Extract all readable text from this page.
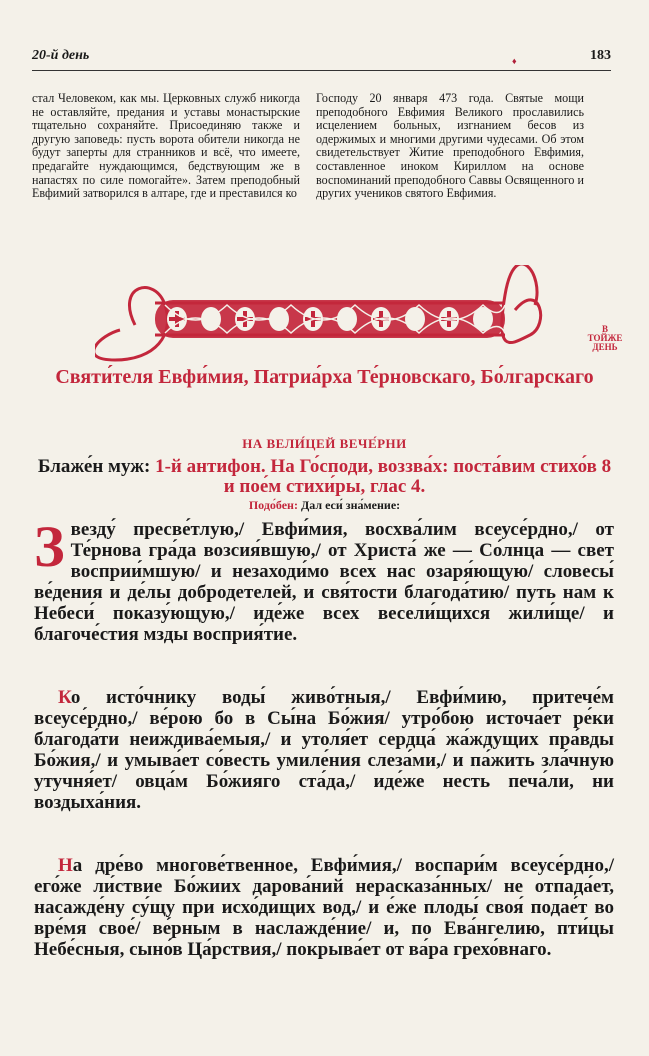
20-й день	♦	183

стал Человеком, как мы. Церковных служб никогда не оставляйте, предания и уставы монастырские тщательно сохраняйте. Присоединяю также и другую заповедь: пусть ворота обители никогда не будут заперты для странников и всё, что имеете, предагайте нуждающимся, бедствующим же в напастях по силе помогайте». Затем преподобный Евфимий затворился в алтаре, где и преставился ко

Господу 20 января 473 года. Святые мощи преподобного Евфимия Великого прославились исцелением больных, изгнанием бесов из одержимых и многими другими чудесами. Об этом свидетельствует Житие преподобного Евфимия, составленное иноком Кириллом на основе воспоминаний преподобного Саввы Освященного и других учеников святого Евфимия.

В
ТОЙЖЕ
ДЕНЬ
Святи́теля Евфи́мия, Патриа́рха Те́рновскаго, Бо́лгарскаго
НА ВЕЛИ́ЦЕЙ ВЕЧЕ́РНИ
Блаже́н муж: 1-й антифон. На Го́споди, воззва́х: поста́вим стихо́в 8 и пое́м стихи́ры, глас 4.
Подо́бен: Дал еси́ зна́мение:
З везду́ пресве́тлую,/ Евфи́мия, восхва́лим всеусе́рдно,/ от Те́рнова гра́да возсия́вшую,/ от Христа́ же — Со́лнца — свет восприи́мшую/ и незаходи́мо всех нас озаря́ющую/ словесы́ ве́дения и де́лы добродетелей, и свя́тости благода́тию/ путь нам к Небеси́ показу́ющую,/ иде́же всех весели́щихся жили́ще/ и благоче́стия мзды восприя́тие.

Ко исто́чнику воды́ живо́тныя,/ Евфи́мию, притече́м всеусе́рдно,/ ве́рою бо в Сы́на Бо́жия/ утро́бою источа́ет ре́ки благода́ти неиждива́емыя,/ и утоля́ет сердца́ жа́ждущих пра́вды Бо́жия,/ и умыва́ет со́весть умиле́ния слеза́ми,/ и па́жить зла́чную утучня́ет/ овца́м Бо́жияго ста́да,/ иде́же несть печа́ли, ни воздыха́ния.

На дре́во многове́твенное, Евфи́мия,/ воспари́м всеусе́рдно,/ его́же ли́ствие Бо́жиих дарова́ний нерасказа́нных/ не отпада́ет, насажде́ну су́щу при исхо́дищих вод,/ и е́же плоды́ своя́ подае́т во вре́мя свое́/ ве́рным в наслажде́ние/ и, по Ева́нгелию, пти́цы Небе́сныя, сыно́в Ца́рствия,/ покрыва́ет от ва́ра грехо́внаго.
